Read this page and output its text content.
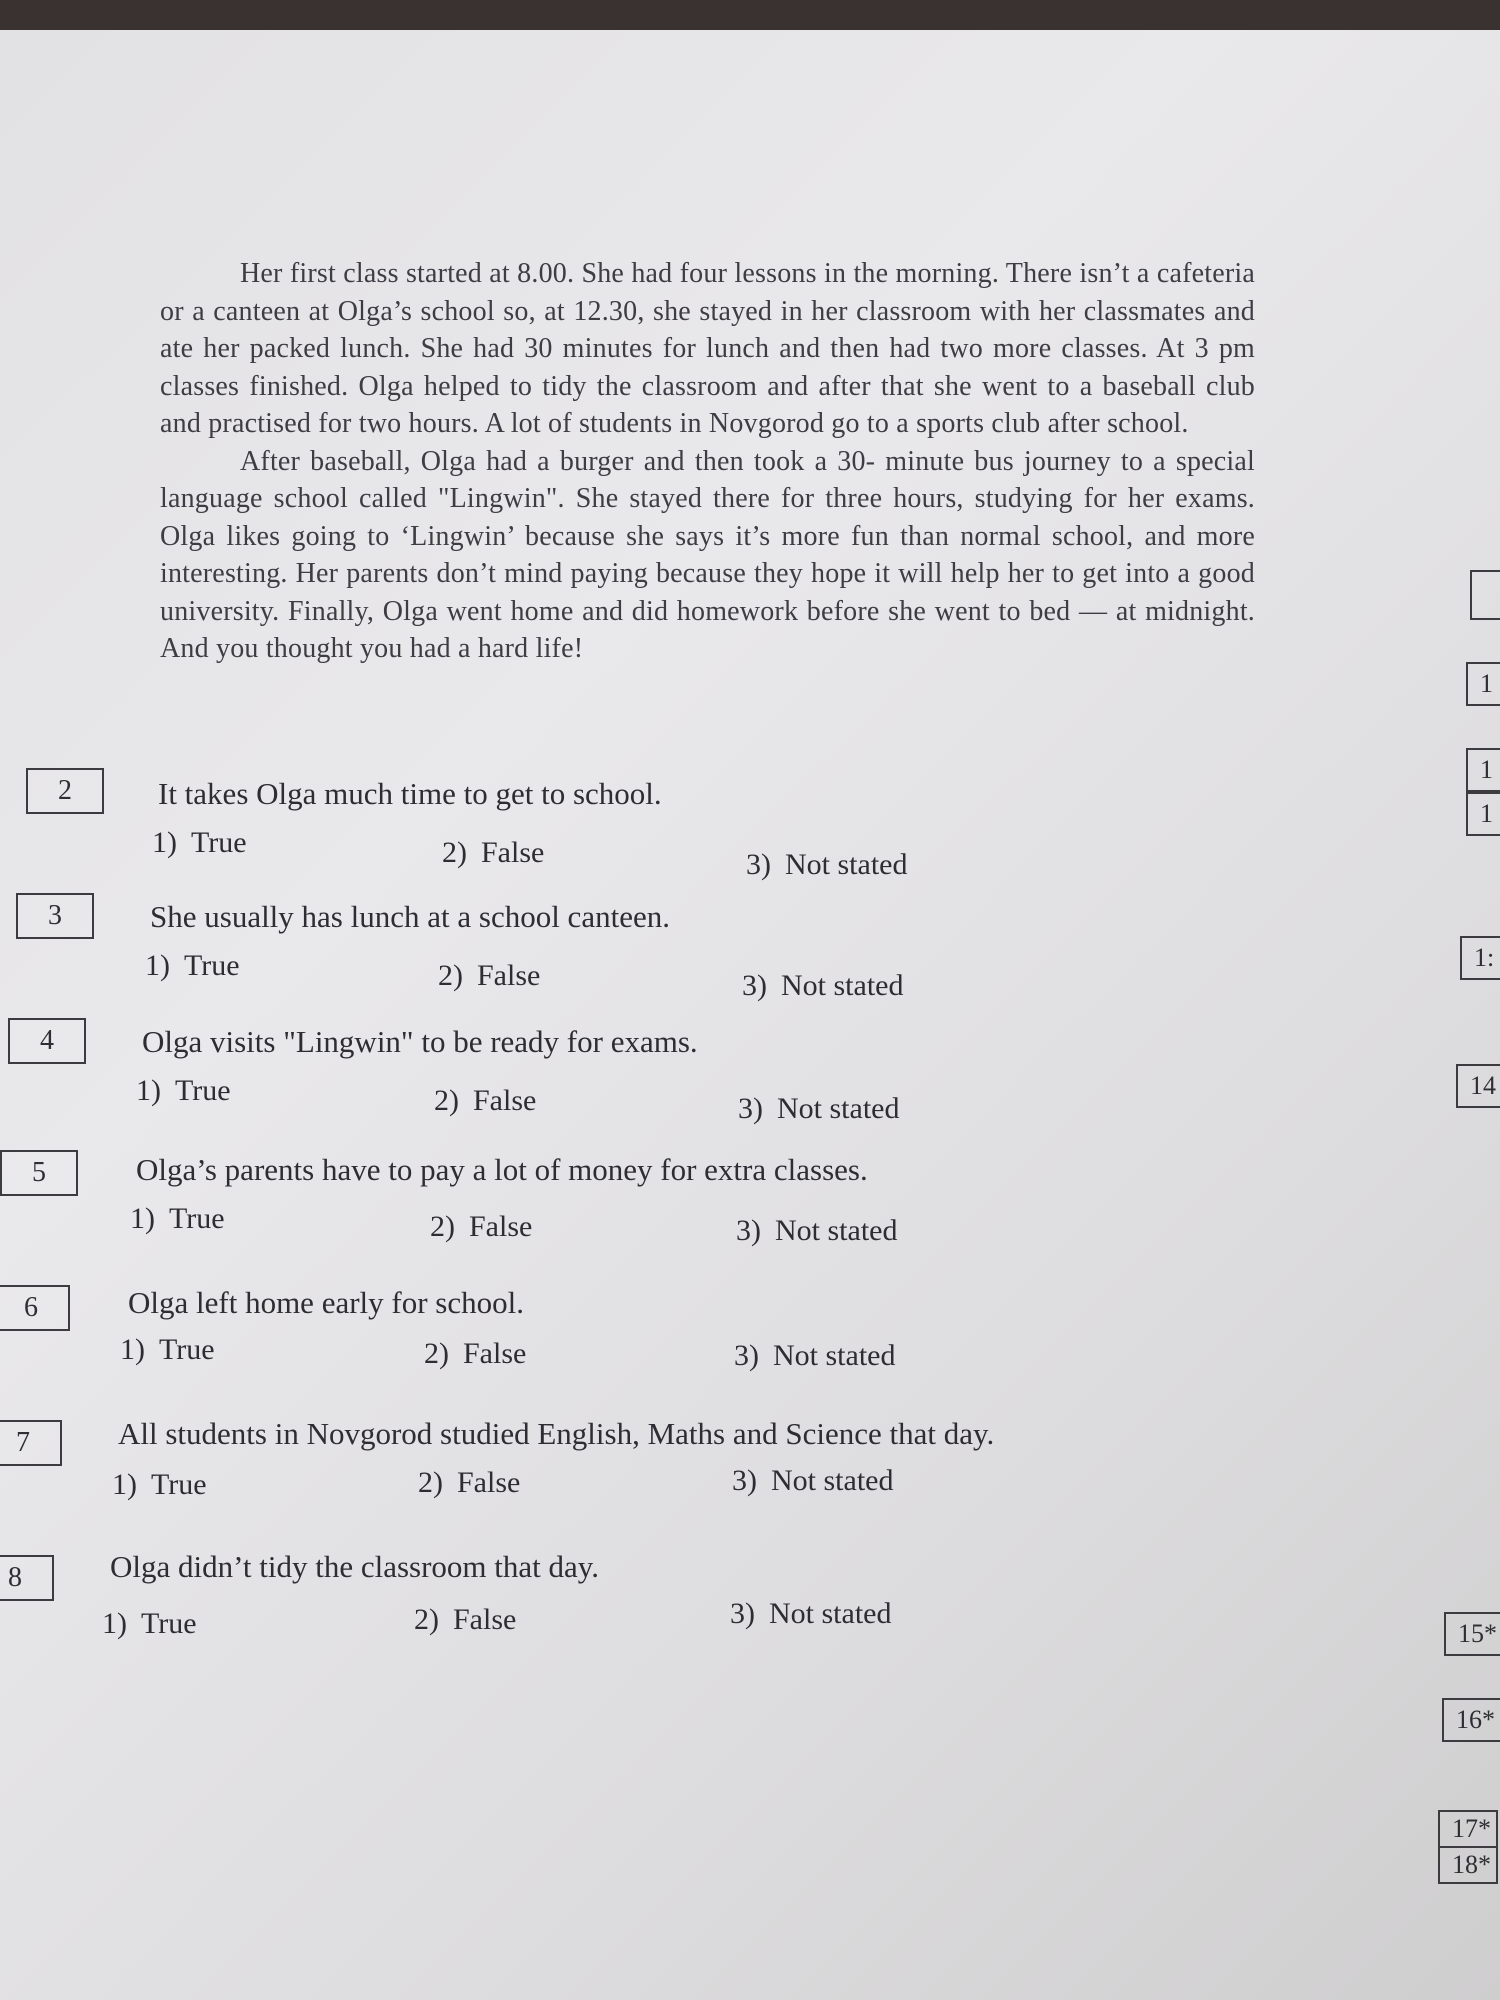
Her first class started at 8.00. She had four lessons in the morning. There isn’t a cafeteria or a canteen at Olga’s school so, at 12.30, she stayed in her classroom with her classmates and ate her packed lunch. She had 30 minutes for lunch and then had two more classes. At 3 pm classes finished. Olga helped to tidy the classroom and after that she went to a baseball club and practised for two hours. A lot of students in Novgorod go to a sports club after school.

After baseball, Olga had a burger and then took a 30- minute bus journey to a special language school called "Lingwin". She stayed there for three hours, studying for her exams. Olga likes going to ‘Lingwin’ because she says it’s more fun than normal school, and more interesting. Her parents don’t mind paying because they hope it will help her to get into a good university. Finally, Olga went home and did homework before she went to bed — at midnight. And you thought you had a hard life!

2	It takes Olga much time to get to school.
1) True	2) False	3) Not stated
3	She usually has lunch at a school canteen.
1) True	2) False	3) Not stated
4	Olga visits "Lingwin" to be ready for exams.
1) True	2) False	3) Not stated
5	Olga’s parents have to pay a lot of money for extra classes.
1) True	2) False	3) Not stated
6	Olga left home early for school.
1) True	2) False	3) Not stated
7	All students in Novgorod studied English, Maths and Science that day.
1) True	2) False	3) Not stated
8	Olga didn’t tidy the classroom that day.
1) True	2) False	3) Not stated
1
1
1
1:
14
15*
16*
17*
18*
